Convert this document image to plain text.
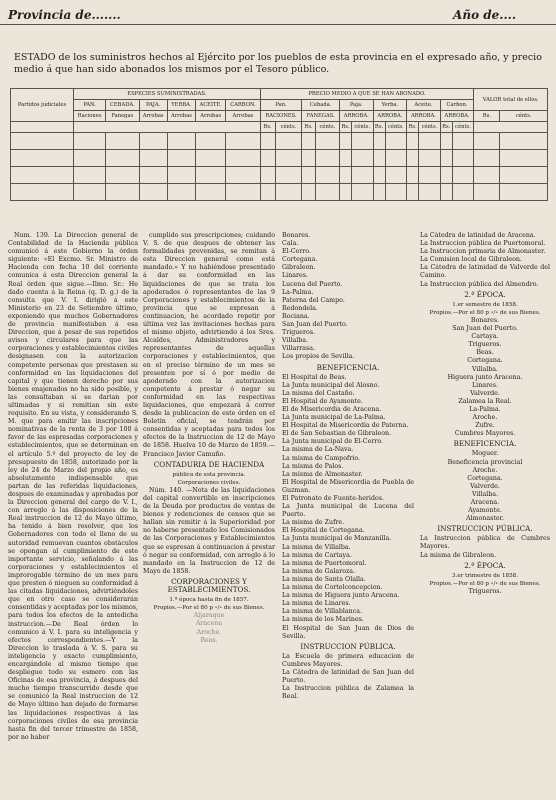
Provincia de.......	Año de....
ESTADO de los suministros hechos al Ejército por los pueblos de esta provincia en el expresado año, y precio medio á que han sido abonados los mismos por el Tesoro público.
Partidos judiciales	ESPECIES SUMINISTRADAS.						PRECIO MEDIO A QUE SE HAN ABONADO.												VALOR total de ellos.	
	PAN.	CEBADA.	PAJA.	YERBA.	ACEITE.	CARBON.	Pan.		Cebada.		Paja.		Yerba.		Aceite.		Carbon.			
	Raciones	Fanegas	Arrobas	Arrobas	Arrobas	Arrobas	RACIONES.		FANEGAS.		ARROBA.		ARROBA.		ARROBA.		ARROBA.		Rs.	cénts.
							Rs.	cénts.	Rs.	cénts.	Rs.	cénts.	Rs.	cénts.	Rs.	cénts.	Rs.	cénts.		

Num. 139. La Direccion general de Contabilidad de la Hacienda pública comunicó á este Gobierno la órden siguiente: «El Excmo. Sr. Ministro de Hacienda con fecha 10 del corriente comunica á esta Direccion general la Real órden que sigue.—Ilmo. Sr.: He dado cuenta á la Reina (q. D. g.) de la consulta que V. I. dirigió á este Ministerio en 23 de Setiembre último, exponiendo que muchos Gobernadores de provincia manifestaban á esa Direccion, que á pesar de sus repetidos avisos y circulares para que las corporaciones y establecimientos civiles designasen con la autorizacion competente personas que prestasen su conformidad en las liquidaciones del capital y que tienen derecho por sus bienes enajenados no ha sido posible, y las consultaban si se darian por ultimadas y si remitian sin este requisito. En su vista, y considerando S. M. que para emitir las inscripciones nominativas de la renta de 3 por 100 á favor de las espresadas corporaciones y establecimientos, que se determinan en el artículo 5.º del proyecto de ley de presupuesto de 1858, autorizado por la ley de 24 de Marzo del propio año, es absolutamente indispensable que partan de las referidas liquidaciones, despues de examinadas y aprobadas por la Direccion general del cargo de V. I., con arreglo á las disposiciones de la Real instruccion de 12 de Mayo último, ha tenido á bien resolver, que los Gobernadores con todo el lleno de su autoridad remuevan cuantos obstáculos se opongan al cumplimiento de este importante servicio, señalando á las corporaciones y establecimientos el improrogable término de un mes para que presten ó nieguen su conformidad á las citadas liquidaciones, advirtiéndoles que en otro caso se considerarán consentidas y aceptadas por los mismos, para todos los efectos de la antedicha instruccion.—De Real órden lo comunico á V. I. para su inteligencia y efectos correspondientes.—Y la Direccion lo traslada á V. S. para su inteligencia y exacto cumplimiento, encargándole al mismo tiempo que despliegue todo su esmero con las Oficinas de esa provincia, á despues del mucho tiempo transcurrido desde que se comunicó la Real instruccion de 12 de Mayo último han dejado de formarse las liquidaciones respectivas á las corporaciones civiles de esa provincia hasta fin del tercer trimestre de 1858, por no haber

cumplido sus prescripciones; cuidando V. S. de que despues de obtener las formalidades prevenidas, se remitan á esta Direccion general como está mandado.» Y no habiéndose presentado á dar su conformidad en las liquidaciones de que se trata los apoderados ó representantes de las 9 Corporaciones y establecimientos de la provincia que se expresan á continuacion, he acordado repetir por última vez las invitaciones hechas para el mismo objeto, advirtiendo á los Sres. Alcaldes, Administradores y representantes de aquellas corporaciones y establecimientos, que en el preciso término de un mes se presenten por sí ó por medio de apoderado con la autorizacion competente á prestar ó negar su conformidad en las respectivas liquidaciones, que empezará á correr desde la publicacion de este órden en el Boletin oficial, se tendrán por consentidas y aceptadas para todos los efectos de la Instruccion de 12 de Mayo de 1858. Huelva 10 de Marzo de 1859.—Francisco Javier Camuño.

CONTADURIA DE HACIENDA
pública de esta provincia.
Corporaciones civiles.

Núm. 140. —Nota de las liquidaciones del capital convertible en inscripciones de la Deuda por productos de ventas de bienes y redenciones de censos que se hallan sin remitir á la Superioridad por no haberse presentado los Comisionados de las Corporaciones y Establecimientos que se espresan á continuacion á prestar ó negar su conformidad, con arreglo á lo mandado en la Instruccion de 12 de Mayo de 1858.

CORPORACIONES Y ESTABLECIMIENTOS.
1.ª época hasta fin de 1857.
Propios.—Por el 80 p ∘/∘ de sus Bienes.
Aljaraque
Aracena
Aroche.
Beas.
Bonares.
Cala.
El-Cerro.
Cortegana.
Gibraleon.
Linares.
Lucena del Puerto.
La-Palma.
Paterna del Campo.
Redondela.
Rociana.
San Juan del Puerto.
Trigueros.
Villalba.
Villarrasa.
Los propios de Sevilla.
BENEFICENCIA.
El Hospital de Beas.
La Junta municipal del Alosno.
La misma del Castaño.
El Hospital de Ayamonte.
El de Misericordia de Aracena.
La Junta municipal de La-Palma.
El Hospital de Misericordia de Paterna.
El de San Sebastian de Gibraleon.
La Junta municipal de El-Cerro.
La misma de La-Nava.
La misma de Campofrio.
La misma de Palos.
La misma de Almonaster.
El Hospital de Misericordia de Puebla de Guzman.
El Patronato de Fuente-heridos.
La Junta municipal de Lucena del Puerto.
La misma de Zufre.
El Hospital de Cortegana.
La Junta municipal de Manzanilla.
La misma de Villalba.
La misma de Cartaya.
La misma de Puertomoral.
La misma de Galaroza.
La misma de Santa Olalla.
La misma de Cortelconcepcion.
La misma de Higuera junto Aracena.
La misma de Linares.
La misma de Villablanca.
La misma de los Marines.
El Hospital de San Juan de Dios de Sevilla.
INSTRUCCION PÚBLICA.
La Escuela de primera educacion de Cumbres Mayores.
La Cátedra de latinidad de San Juan del Puerto.
La Instruccion pública de Zalamea la Real.
La Cátedra de latinidad de Aracena.
La Instruccion pública de Puertomoral.
La Instruccion primaria de Almonaster.
La Comision local de Gibraleon.
La Cátedra de latinidad de Valverde del Camino.
La Instruccion pública del Almendro.
2.ª ÉPOCA.
1.er semestre de 1858.
Propios.—Por el 80 p ∘/∘ de sus Bienes.
Bonares.
San Juan del Puerto.
Cartaya.
Trigueros.
Beas.
Cortegana.
Villalba.
Higuera junto Aracena.
Linares.
Valverde.
Zalamea la Real.
La-Palma.
Aroche.
Zufre.
Cumbres Mayores.
BENEFICENCIA.
Moguer.
Beneficencia provincial
Aroche.
Cortegana.
Valverde.
Villalba.
Aracena.
Ayamonte.
Almonaster.
INSTRUCCION PÚBLICA.
La Instruccion pública de Cumbres Mayores.
La misma de Gibraleon.
2.ª ÉPOCA.
3.er trimestre de 1858.
Propios.—Por el 80 p ∘/∘ de sus Bienes.
Trigueros.
